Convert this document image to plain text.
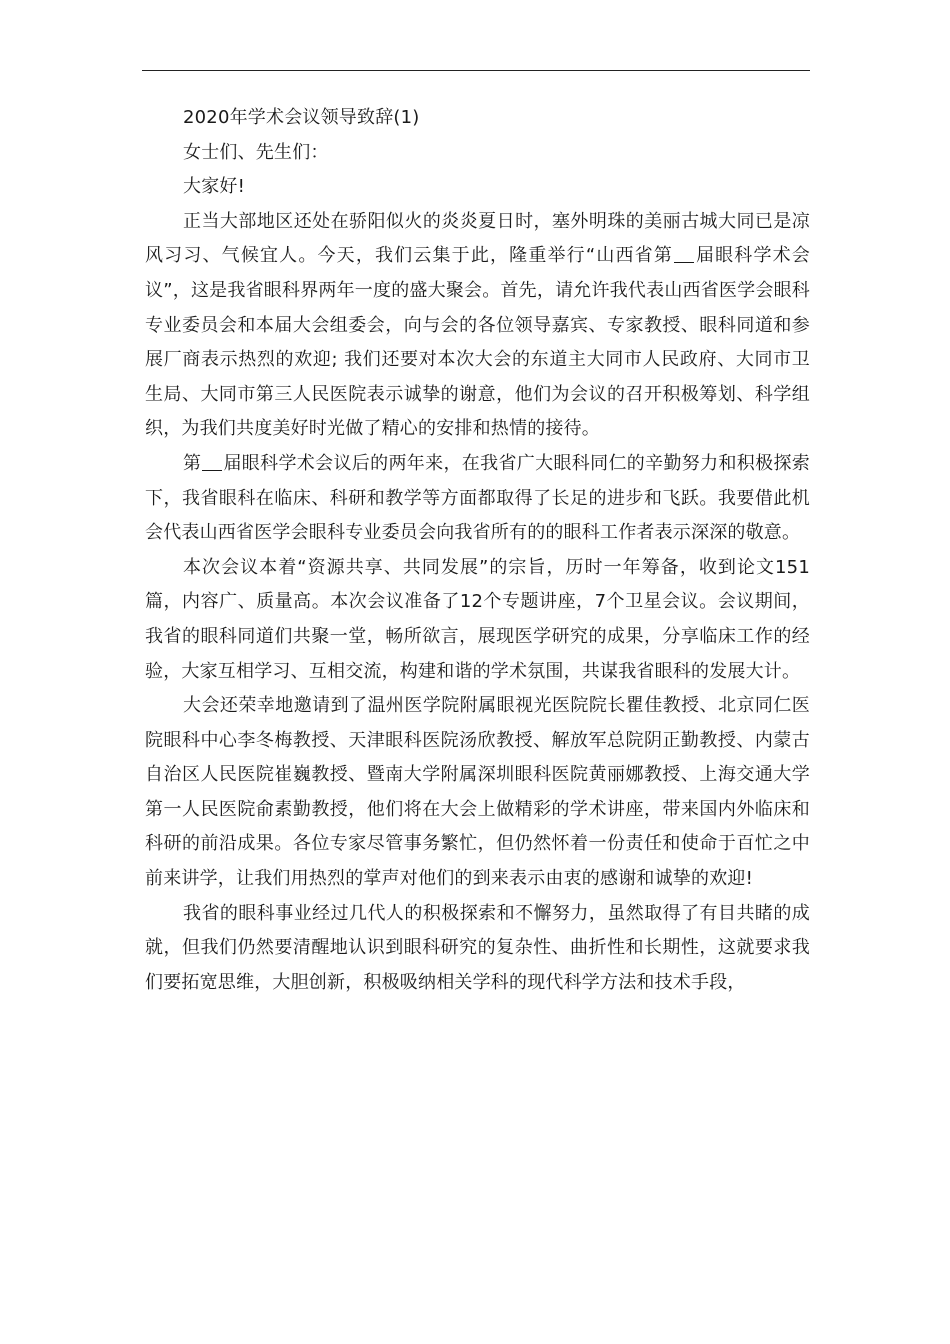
2020年学术会议领导致辞(1)

女士们、先生们：

大家好!

正当大部地区还处在骄阳似火的炎炎夏日时，塞外明珠的美丽古城大同已是凉风习习、气候宜人。今天，我们云集于此，隆重举行“山西省第 届眼科学术会议”，这是我省眼科界两年一度的盛大聚会。首先，请允许我代表山西省医学会眼科专业委员会和本届大会组委会，向与会的各位领导嘉宾、专家教授、眼科同道和参展厂商表示热烈的欢迎; 我们还要对本次大会的东道主大同市人民政府、大同市卫生局、大同市第三人民医院表示诚挚的谢意，他们为会议的召开积极筹划、科学组织，为我们共度美好时光做了精心的安排和热情的接待。

第 届眼科学术会议后的两年来，在我省广大眼科同仁的辛勤努力和积极探索下，我省眼科在临床、科研和教学等方面都取得了长足的进步和飞跃。我要借此机会代表山西省医学会眼科专业委员会向我省所有的的眼科工作者表示深深的敬意。

本次会议本着“资源共享、共同发展”的宗旨，历时一年筹备，收到论文151篇，内容广、质量高。本次会议准备了12个专题讲座，7个卫星会议。会议期间，我省的眼科同道们共聚一堂，畅所欲言，展现医学研究的成果，分享临床工作的经验，大家互相学习、互相交流，构建和谐的学术氛围，共谋我省眼科的发展大计。

大会还荣幸地邀请到了温州医学院附属眼视光医院院长瞿佳教授、北京同仁医院眼科中心李冬梅教授、天津眼科医院汤欣教授、解放军总院阴正勤教授、内蒙古自治区人民医院崔巍教授、暨南大学附属深圳眼科医院黄丽娜教授、上海交通大学第一人民医院俞素勤教授，他们将在大会上做精彩的学术讲座，带来国内外临床和科研的前沿成果。各位专家尽管事务繁忙，但仍然怀着一份责任和使命于百忙之中前来讲学，让我们用热烈的掌声对他们的到来表示由衷的感谢和诚挚的欢迎!

我省的眼科事业经过几代人的积极探索和不懈努力，虽然取得了有目共睹的成就，但我们仍然要清醒地认识到眼科研究的复杂性、曲折性和长期性，这就要求我们要拓宽思维，大胆创新，积极吸纳相关学科的现代科学方法和技术手段，
